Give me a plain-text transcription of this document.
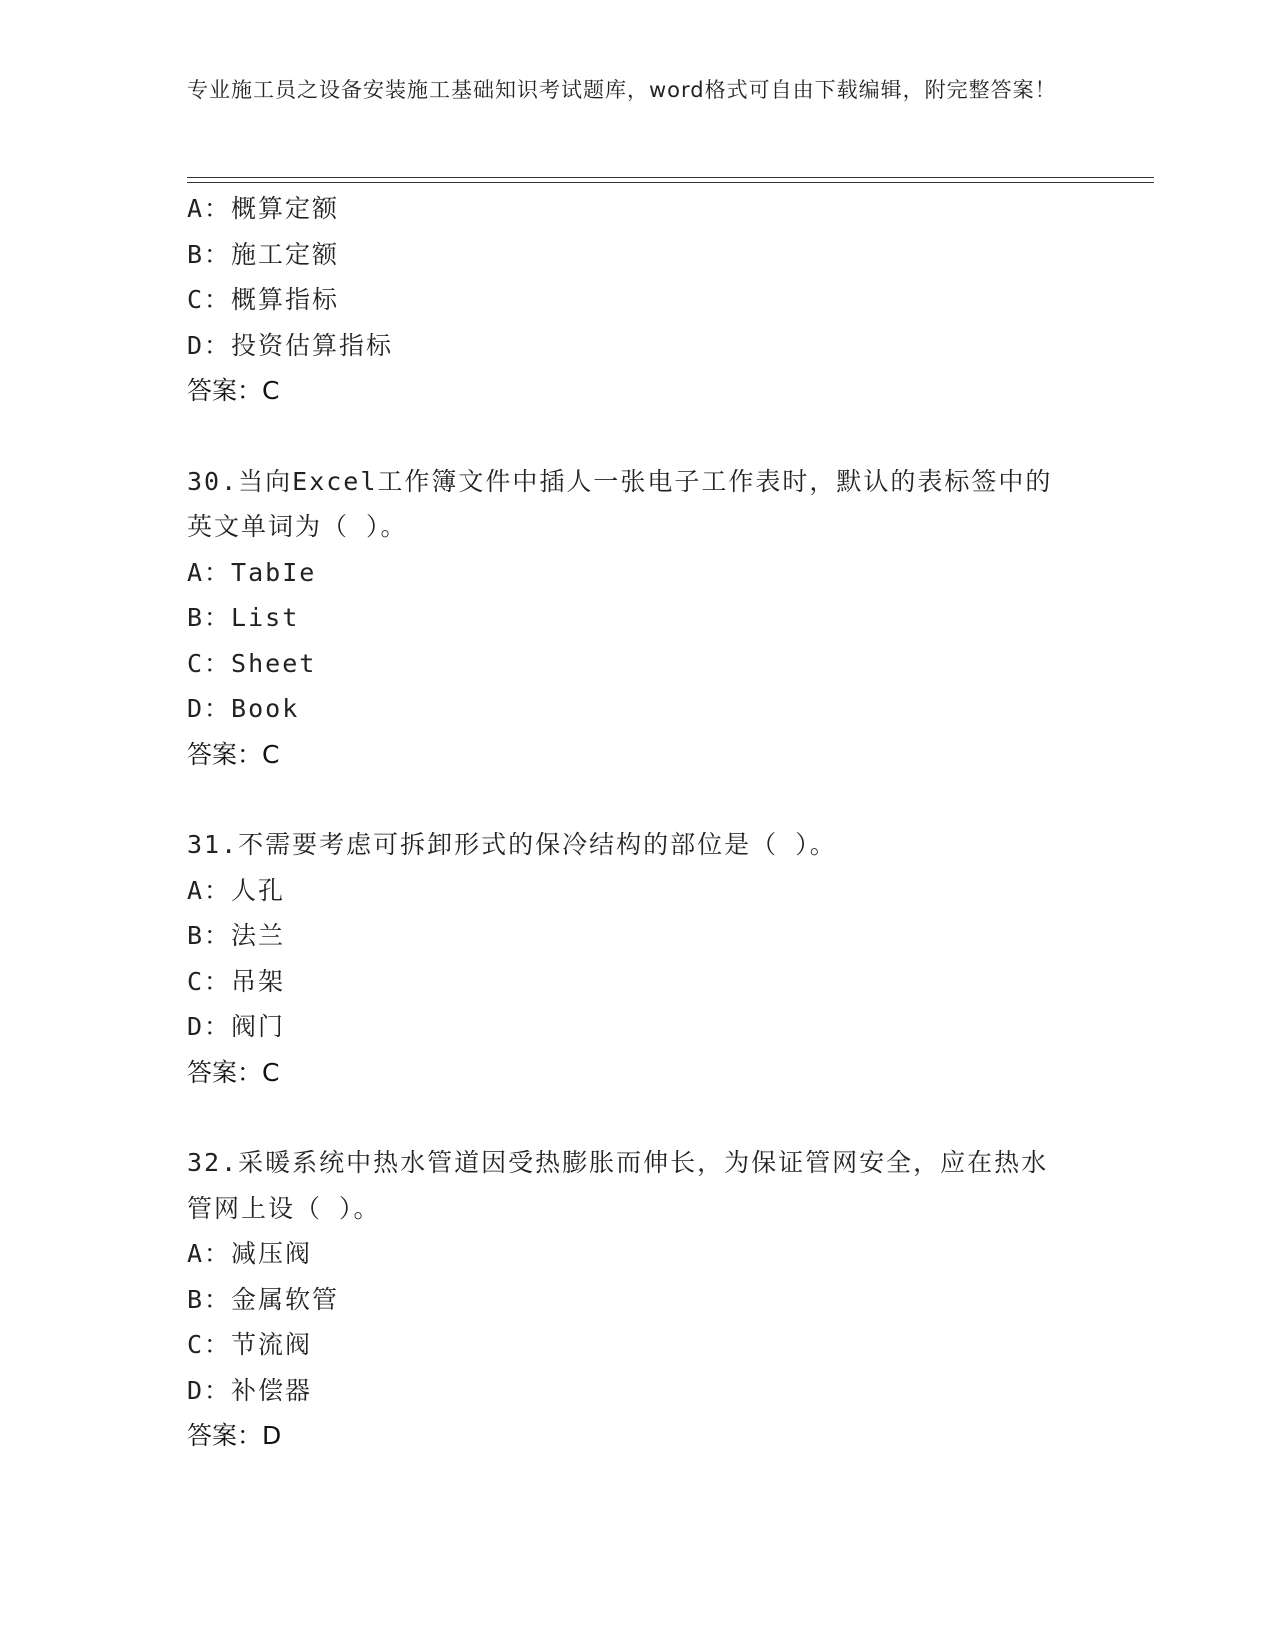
专业施工员之设备安装施工基础知识考试题库，word格式可自由下载编辑，附完整答案！
A：概算定额
B：施工定额
C：概算指标
D：投资估算指标
答案：C
30.当向Excel工作簿文件中插人一张电子工作表时，默认的表标签中的英文单词为（ ）。
A：TabIe
B：List
C：Sheet
D：Book
答案：C
31.不需要考虑可拆卸形式的保冷结构的部位是（ ）。
A：人孔
B：法兰
C：吊架
D：阀门
答案：C
32.采暖系统中热水管道因受热膨胀而伸长，为保证管网安全，应在热水管网上设（ ）。
A：减压阀
B：金属软管
C：节流阀
D：补偿器
答案：D
